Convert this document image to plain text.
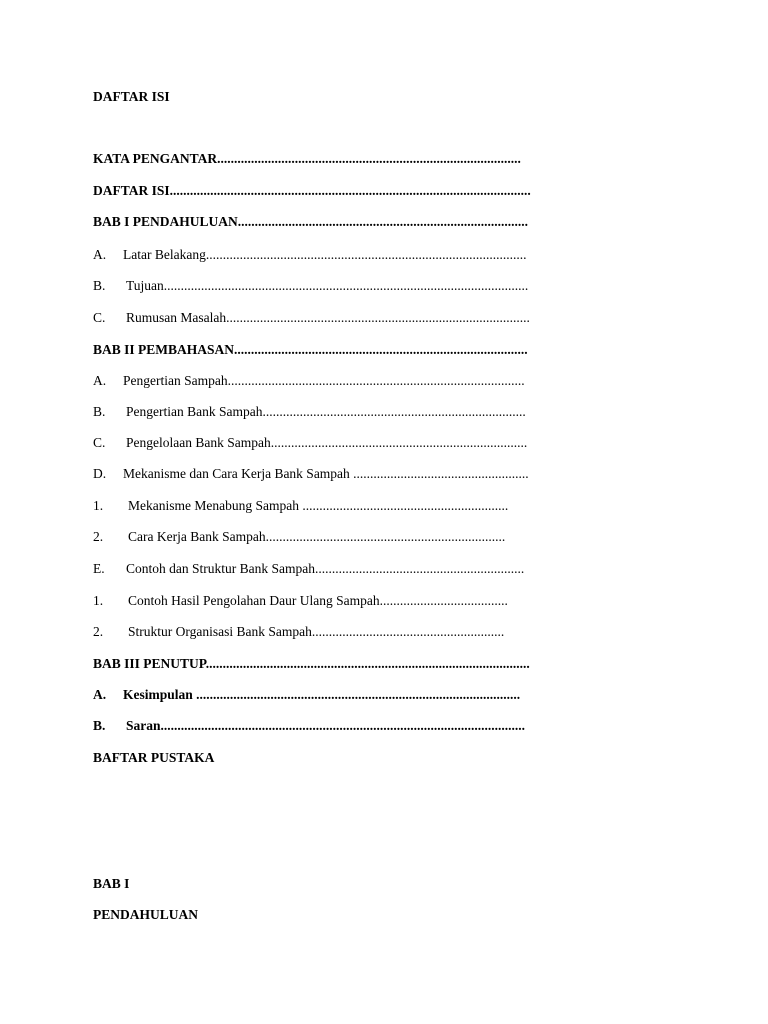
DAFTAR ISI
KATA PENGANTAR..........................................................................................
DAFTAR ISI...........................................................................................................
BAB I PENDAHULUAN......................................................................................
A. Latar Belakang...............................................................................................
B. Tujuan............................................................................................................
C. Rumusan Masalah..........................................................................................
BAB II PEMBAHASAN.......................................................................................
A. Pengertian Sampah........................................................................................
B. Pengertian Bank Sampah..............................................................................
C. Pengelolaan Bank Sampah............................................................................
D. Mekanisme dan Cara Kerja Bank Sampah ....................................................
1. Mekanisme Menabung Sampah .............................................................
2. Cara Kerja Bank Sampah.......................................................................
E. Contoh dan Struktur Bank Sampah..............................................................
1. Contoh Hasil Pengolahan Daur Ulang Sampah......................................
2. Struktur Organisasi Bank Sampah.........................................................
BAB III PENUTUP................................................................................................
A. Kesimpulan ................................................................................................
B. Saran............................................................................................................
BAFTAR PUSTAKA
BAB I
PENDAHULUAN
